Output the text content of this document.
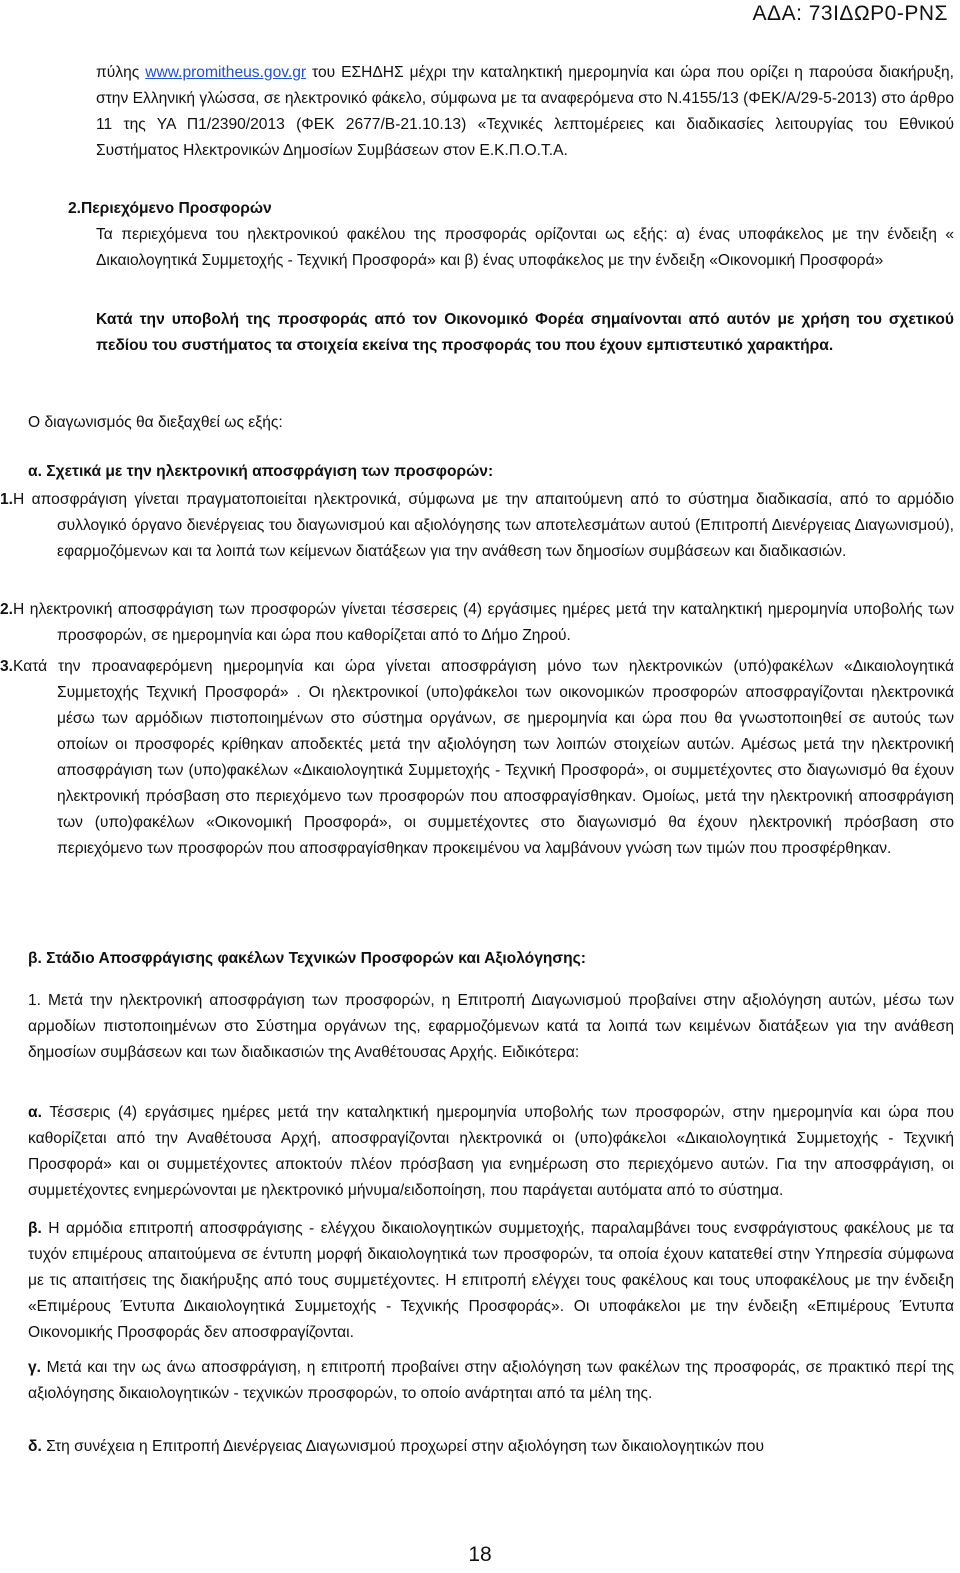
ΑΔΑ: 73ΙΔΩΡ0-ΡΝΣ

πύλης www.promitheus.gov.gr του ΕΣΗΔΗΣ μέχρι την καταληκτική ημερομηνία και ώρα που ορίζει η παρούσα διακήρυξη, στην Ελληνική γλώσσα, σε ηλεκτρονικό φάκελο, σύμφωνα με τα αναφερόμενα στο Ν.4155/13 (ΦΕΚ/Α/29-5-2013) στο άρθρο 11 της ΥΑ Π1/2390/2013 (ΦΕΚ 2677/Β-21.10.13) «Τεχνικές λεπτομέρειες και διαδικασίες λειτουργίας του Εθνικού Συστήματος Ηλεκτρονικών Δημοσίων Συμβάσεων στον Ε.Κ.Π.Ο.Τ.Α.

2.Περιεχόμενο Προσφορών

Τα περιεχόμενα του ηλεκτρονικού φακέλου της προσφοράς ορίζονται ως εξής: α) ένας υποφάκελος με την ένδειξη « Δικαιολογητικά Συμμετοχής - Τεχνική Προσφορά» και β) ένας υποφάκελος με την ένδειξη «Οικονομική Προσφορά»

Κατά την υποβολή της προσφοράς από τον Οικονομικό Φορέα σημαίνονται από αυτόν με χρήση του σχετικού πεδίου του συστήματος τα στοιχεία εκείνα της προσφοράς του που έχουν εμπιστευτικό χαρακτήρα.

Ο διαγωνισμός θα διεξαχθεί ως εξής:
α. Σχετικά με την ηλεκτρονική αποσφράγιση των προσφορών:
1. Η αποσφράγιση γίνεται πραγματοποιείται ηλεκτρονικά, σύμφωνα με την απαιτούμενη από το σύστημα διαδικασία, από το αρμόδιο συλλογικό όργανο διενέργειας του διαγωνισμού και αξιολόγησης των αποτελεσμάτων αυτού (Επιτροπή Διενέργειας Διαγωνισμού), εφαρμοζόμενων και τα λοιπά των κείμενων διατάξεων για την ανάθεση των δημοσίων συμβάσεων και διαδικασιών.

2. Η ηλεκτρονική αποσφράγιση των προσφορών γίνεται τέσσερεις (4) εργάσιμες ημέρες μετά την καταληκτική ημερομηνία υποβολής των προσφορών, σε ημερομηνία και ώρα που καθορίζεται από το Δήμο Ζηρού.

3. Κατά την προαναφερόμενη ημερομηνία και ώρα γίνεται αποσφράγιση μόνο των ηλεκτρονικών (υπό)φακέλων «Δικαιολογητικά Συμμετοχής Τεχνική Προσφορά» . Οι ηλεκτρονικοί (υπο)φάκελοι των οικονομικών προσφορών αποσφραγίζονται ηλεκτρονικά μέσω των αρμόδιων πιστοποιημένων στο σύστημα οργάνων, σε ημερομηνία και ώρα που θα γνωστοποιηθεί σε αυτούς των οποίων οι προσφορές κρίθηκαν αποδεκτές μετά την αξιολόγηση των λοιπών στοιχείων αυτών. Αμέσως μετά την ηλεκτρονική αποσφράγιση των (υπο)φακέλων «Δικαιολογητικά Συμμετοχής - Τεχνική Προσφορά», οι συμμετέχοντες στο διαγωνισμό θα έχουν ηλεκτρονική πρόσβαση στο περιεχόμενο των προσφορών που αποσφραγίσθηκαν. Ομοίως, μετά την ηλεκτρονική αποσφράγιση των (υπο)φακέλων «Οικονομική Προσφορά», οι συμμετέχοντες στο διαγωνισμό θα έχουν ηλεκτρονική πρόσβαση στο περιεχόμενο των προσφορών που αποσφραγίσθηκαν προκειμένου να λαμβάνουν γνώση των τιμών που προσφέρθηκαν.

β. Στάδιο Αποσφράγισης φακέλων Τεχνικών Προσφορών και Αξιολόγησης:

1. Μετά την ηλεκτρονική αποσφράγιση των προσφορών, η Επιτροπή Διαγωνισμού προβαίνει στην αξιολόγηση αυτών, μέσω των αρμοδίων πιστοποιημένων στο Σύστημα οργάνων της, εφαρμοζόμενων κατά τα λοιπά των κειμένων διατάξεων για την ανάθεση δημοσίων συμβάσεων και των διαδικασιών της Αναθέτουσας Αρχής. Ειδικότερα:

α. Τέσσερις (4) εργάσιμες ημέρες μετά την καταληκτική ημερομηνία υποβολής των προσφορών, στην ημερομηνία και ώρα που καθορίζεται από την Αναθέτουσα Αρχή, αποσφραγίζονται ηλεκτρονικά οι (υπο)φάκελοι «Δικαιολογητικά Συμμετοχής - Τεχνική Προσφορά» και οι συμμετέχοντες αποκτούν πλέον πρόσβαση για ενημέρωση στο περιεχόμενο αυτών. Για την αποσφράγιση, οι συμμετέχοντες ενημερώνονται με ηλεκτρονικό μήνυμα/ειδοποίηση, που παράγεται αυτόματα από το σύστημα.

β. Η αρμόδια επιτροπή αποσφράγισης - ελέγχου δικαιολογητικών συμμετοχής, παραλαμβάνει τους ενσφράγιστους φακέλους με τα τυχόν επιμέρους απαιτούμενα σε έντυπη μορφή δικαιολογητικά των προσφορών, τα οποία έχουν κατατεθεί στην Υπηρεσία σύμφωνα με τις απαιτήσεις της διακήρυξης από τους συμμετέχοντες. Η επιτροπή ελέγχει τους φακέλους και τους υποφακέλους με την ένδειξη «Επιμέρους Έντυπα Δικαιολογητικά Συμμετοχής - Τεχνικής Προσφοράς». Οι υποφάκελοι με την ένδειξη «Επιμέρους Έντυπα Οικονομικής Προσφοράς δεν αποσφραγίζονται.

γ. Μετά και την ως άνω αποσφράγιση, η επιτροπή προβαίνει στην αξιολόγηση των φακέλων της προσφοράς, σε πρακτικό περί της αξιολόγησης δικαιολογητικών - τεχνικών προσφορών, το οποίο ανάρτηται από τα μέλη της.

δ. Στη συνέχεια η Επιτροπή Διενέργειας Διαγωνισμού προχωρεί στην αξιολόγηση των δικαιολογητικών που

18
